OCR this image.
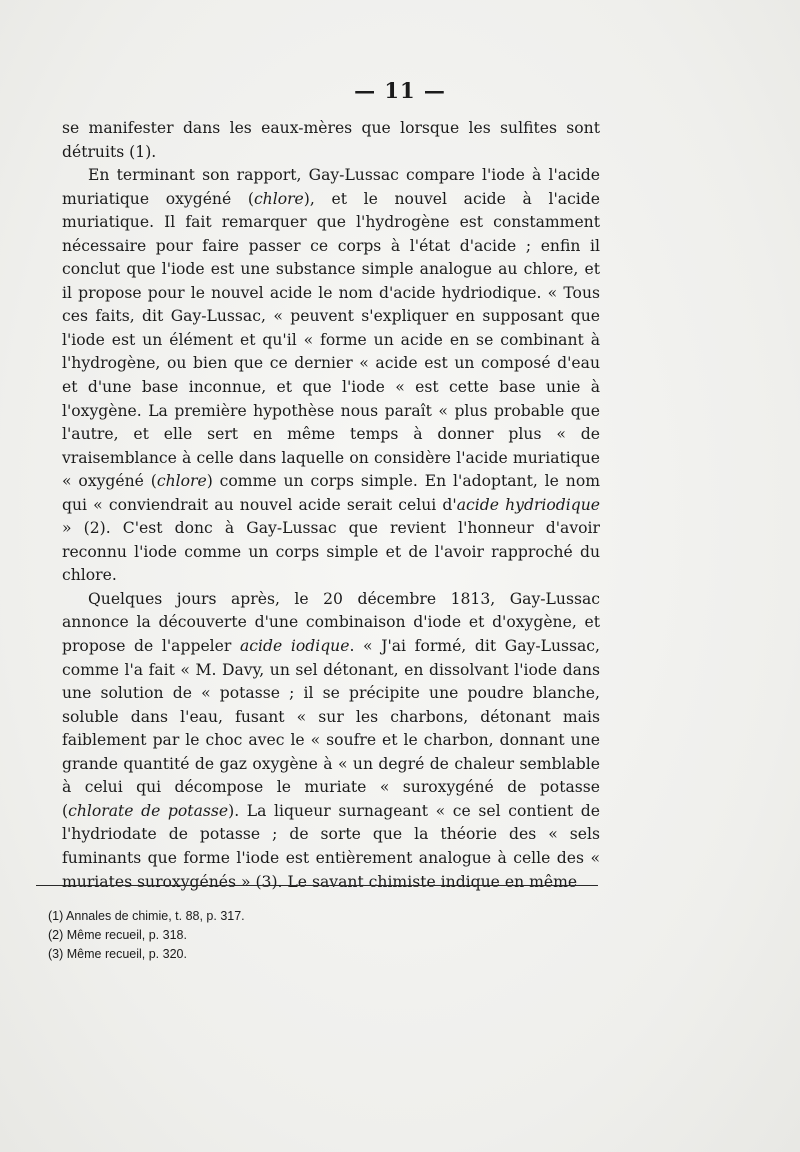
— 11 —

se manifester dans les eaux-mères que lorsque les sulfites sont détruits (1).

En terminant son rapport, Gay-Lussac compare l'iode à l'acide muriatique oxygéné (chlore), et le nouvel acide à l'acide muriatique. Il fait remarquer que l'hydrogène est constamment nécessaire pour faire passer ce corps à l'état d'acide ; enfin il conclut que l'iode est une substance simple analogue au chlore, et il propose pour le nouvel acide le nom d'acide hydriodique. « Tous ces faits, dit Gay-Lussac, « peuvent s'expliquer en supposant que l'iode est un élément et qu'il « forme un acide en se combinant à l'hydrogène, ou bien que ce dernier « acide est un composé d'eau et d'une base inconnue, et que l'iode « est cette base unie à l'oxygène. La première hypothèse nous paraît « plus probable que l'autre, et elle sert en même temps à donner plus « de vraisemblance à celle dans laquelle on considère l'acide muriatique « oxygéné (chlore) comme un corps simple. En l'adoptant, le nom qui « conviendrait au nouvel acide serait celui d'acide hydriodique » (2). C'est donc à Gay-Lussac que revient l'honneur d'avoir reconnu l'iode comme un corps simple et de l'avoir rapproché du chlore.

Quelques jours après, le 20 décembre 1813, Gay-Lussac annonce la découverte d'une combinaison d'iode et d'oxygène, et propose de l'appeler acide iodique. « J'ai formé, dit Gay-Lussac, comme l'a fait « M. Davy, un sel détonant, en dissolvant l'iode dans une solution de « potasse ; il se précipite une poudre blanche, soluble dans l'eau, fusant « sur les charbons, détonant mais faiblement par le choc avec le « soufre et le charbon, donnant une grande quantité de gaz oxygène à « un degré de chaleur semblable à celui qui décompose le muriate « suroxygéné de potasse (chlorate de potasse). La liqueur surnageant « ce sel contient de l'hydriodate de potasse ; de sorte que la théorie des « sels fuminants que forme l'iode est entièrement analogue à celle des « muriates suroxygénés » (3). Le savant chimiste indique en même

(1) Annales de chimie, t. 88, p. 317.
(2) Même recueil, p. 318.
(3) Même recueil, p. 320.
